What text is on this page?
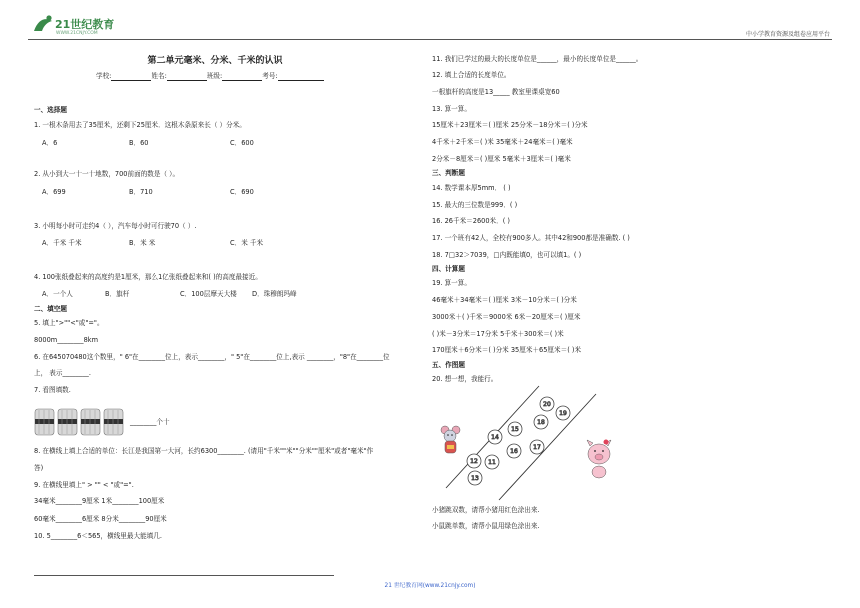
21世纪教育
WWW.21CNJY.COM	中小学教育资源及组卷应用平台
第二单元毫米、分米、千米的认识
学校:	姓名:	班级:	考号:
一、选择题
1. 一根木条用去了35厘米，还剩下25厘米．这根木条原来长（ ）分米。
A．6	B．60	C．600
2. 从小到大一十一十地数，700前面的数是（ ）。
A．699	B．710	C．690
3. 小明每小时可走约4（ ），汽车每小时可行驶70（ ）.
A．千米 千米	B．米 米	C．米 千米
4. 100张纸叠起来的高度约是1厘米，那么1亿张纸叠起来和( )的高度最接近。
A．一个人	B．旗杆	C．100层摩天大楼 D．珠穆朗玛峰
二、填空题
5. 填上">""<"或"="。
8000m________8km
6. 在645070480这个数里，" 6"在________位上，表示________，" 5"在________位上,表示 ________，"8"在________位
上， 表示________.
7. 看图填数.
________个十
8. 在横线上填上合适的单位：长江是我国第一大河，长约6300________. (请用"千米""米""分米""厘米"或者"毫米"作
答)
9. 在横线里填上" > "" < "或"=".
34毫米________9厘米 1米________100厘米
60毫米________6厘米 8分米________90厘米
10. 5________6＜565，横线里最大能填几.
11. 我们已学过的最大的长度单位是______，最小的长度单位是______。
12. 填上合适的长度单位。
一根旗杆的高度是13_____ 教室里课桌宽60
13. 算一算。
15厘米＋23厘米＝( )厘米 25分米－18分米＝( )分米
4千米＋2千米＝( )米 35毫米＋24毫米＝( )毫米
2分米－8厘米＝( )厘米 5毫米＋3厘米＝( )毫米
三、判断题
14. 数学课本厚5mm． ( )
15. 最大的三位数是999．( )
16. 26千米＝2600米．( )
17. 一个班有42人，全校有900多人。其中42和900都是准确数. ( )
18. 7□32＞7039，□内既能填0，也可以填1。( )
四、计算题
19. 算一算。
46毫米＋34毫米＝( )厘米 3米－10分米＝( )分米
3000米＋( )千米＝9000米 6米－20厘米＝( )厘米
( )米－3分米＝17分米 5千米＋300米＝( )米
170厘米＋6分米＝( )分米 35厘米＋65厘米＝( )米
五、作图题
20. 想一想，我能行。
20
19
18
15
14
16
17
12 11
13
小猪跳双数，请帮小猪用红色涂出来.
小鼠跳单数，请帮小鼠用绿色涂出来.
21 世纪教育网(www.21cnjy.com)
